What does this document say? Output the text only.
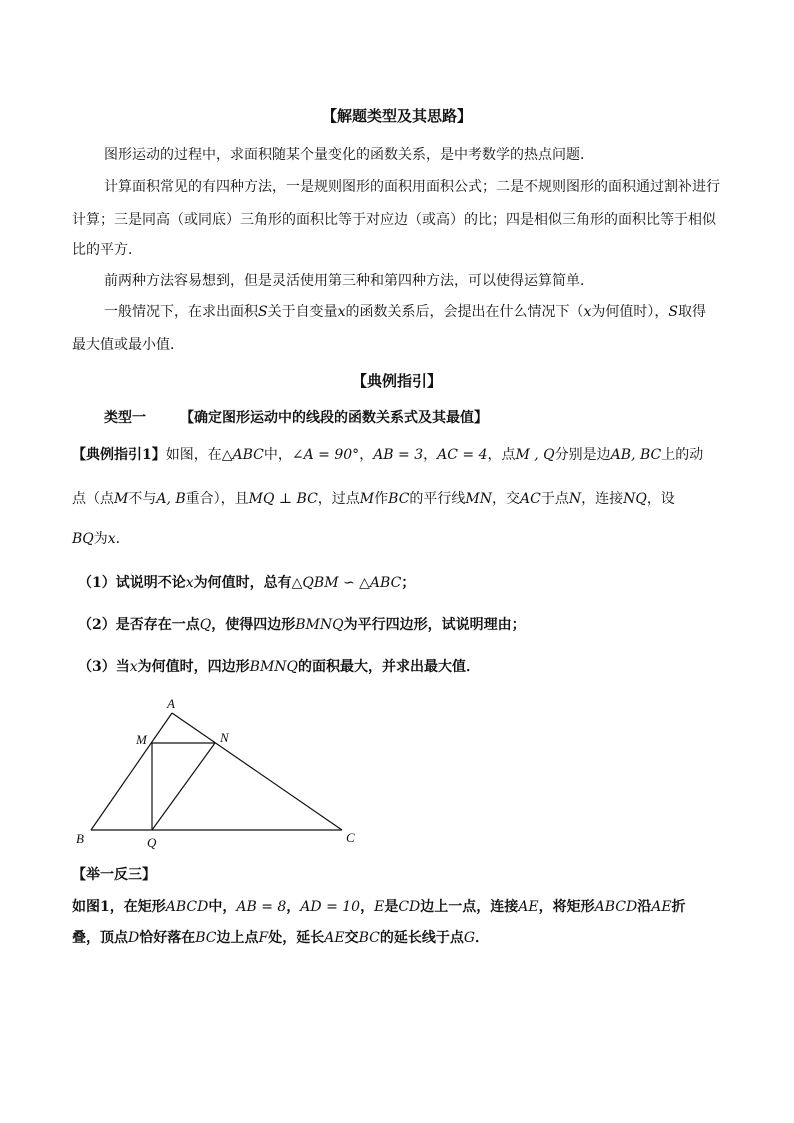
【解题类型及其思路】
图形运动的过程中，求面积随某个量变化的函数关系，是中考数学的热点问题．
计算面积常见的有四种方法，一是规则图形的面积用面积公式；二是不规则图形的面积通过割补进行
计算；三是同高（或同底）三角形的面积比等于对应边（或高）的比；四是相似三角形的面积比等于相似
比的平方．
前两种方法容易想到，但是灵活使用第三种和第四种方法，可以使得运算简单．
一般情况下，在求出面积S关于自变量x的函数关系后，会提出在什么情况下（x为何值时），S取得
最大值或最小值．
【典例指引】
类型一 【确定图形运动中的线段的函数关系式及其最值】
【典例指引1】如图，在△ABC中，∠A = 90°，AB = 3，AC = 4，点M , Q分别是边AB, BC上的动
点（点M不与A, B重合），且MQ ⊥ BC，过点M作BC的平行线MN，交AC于点N，连接NQ，设
BQ为x．
（1）试说明不论x为何值时，总有△QBM ∽ △ABC；
（2）是否存在一点Q，使得四边形BMNQ为平行四边形，试说明理由；
（3）当x为何值时，四边形BMNQ的面积最大，并求出最大值．
A
M	N
B	Q	C
【举一反三】
如图1，在矩形ABCD中，AB = 8，AD = 10，E是CD边上一点，连接AE，将矩形ABCD沿AE折
叠，顶点D恰好落在BC边上点F处，延长AE交BC的延长线于点G．
